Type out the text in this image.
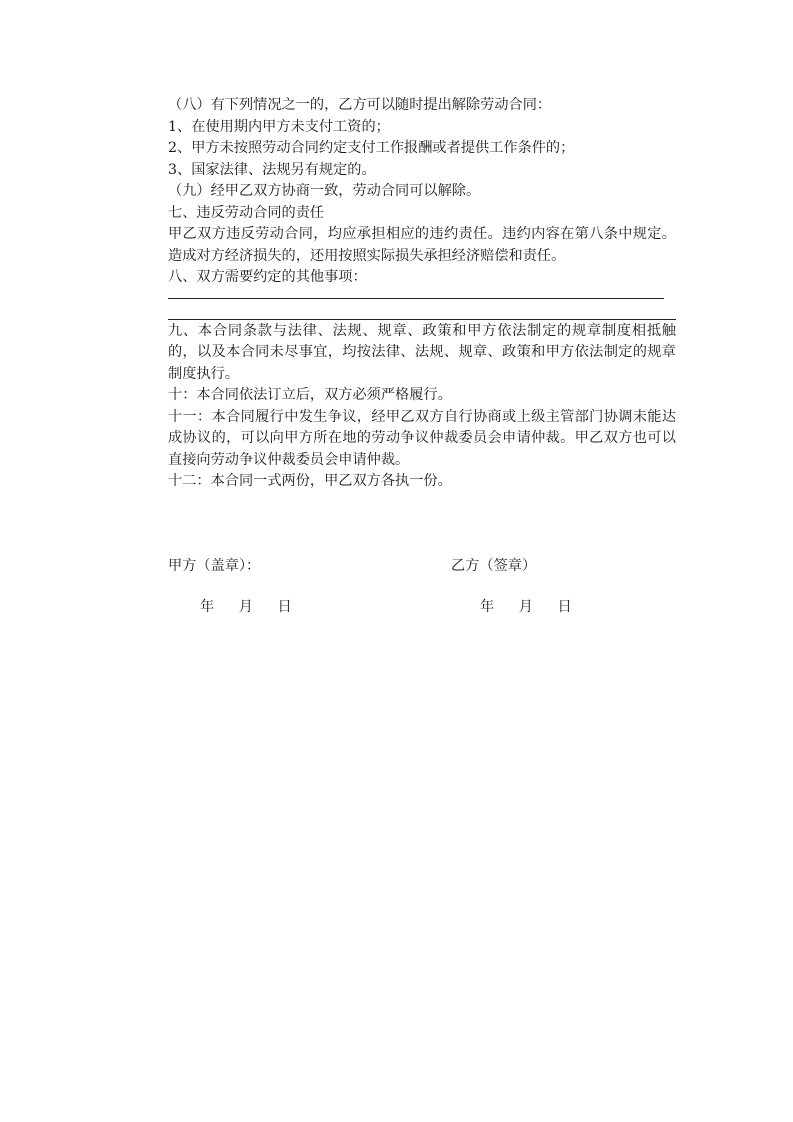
（八）有下列情况之一的，乙方可以随时提出解除劳动合同：
1、在使用期内甲方未支付工资的；
2、甲方未按照劳动合同约定支付工作报酬或者提供工作条件的；
3、国家法律、法规另有规定的。
（九）经甲乙双方协商一致，劳动合同可以解除。
七、违反劳动合同的责任
甲乙双方违反劳动合同，均应承担相应的违约责任。违约内容在第八条中规定。造成对方经济损失的，还用按照实际损失承担经济赔偿和责任。
八、双方需要约定的其他事项：
九、本合同条款与法律、法规、规章、政策和甲方依法制定的规章制度相抵触的，以及本合同未尽事宜，均按法律、法规、规章、政策和甲方依法制定的规章制度执行。
十：本合同依法订立后，双方必须严格履行。
十一：本合同履行中发生争议，经甲乙双方自行协商或上级主管部门协调未能达成协议的，可以向甲方所在地的劳动争议仲裁委员会申请仲裁。甲乙双方也可以直接向劳动争议仲裁委员会申请仲裁。
十二：本合同一式两份，甲乙双方各执一份。
甲方（盖章）：	乙方（签章）
年 月 日	年 月 日
